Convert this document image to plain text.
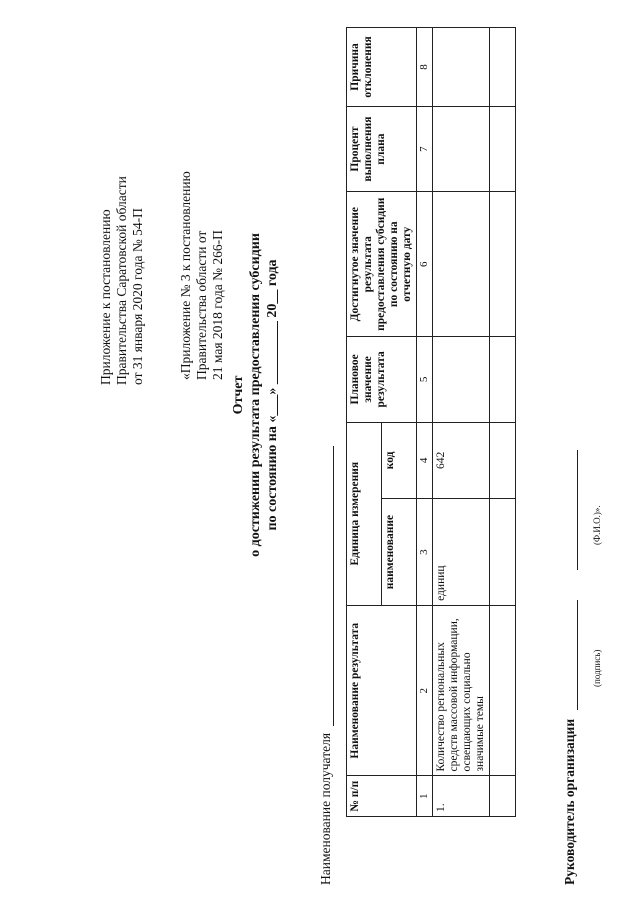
Приложение к постановлению Правительства Саратовской области от 31 января 2020 года № 54-П «Приложение № 3 к постановлению Правительства области от 21 мая 2018 года № 266-П
Отчет о достижении результата предоставления субсидии по состоянию на «___» _________ 20__ года
Наименование получателя № п/п	Наименование результата	Единица измерения		Плановое значение результата	Достигнутое значение результата предоставления субсидии по состоянию на отчетную дату	Процент выполнения плана	Причина отклонения
		наименование	код				
1	2	3	4	5	6	7	8
1.	Количество региональных средств массовой информации, освещающих социально значимые темы	единиц	642				

Руководитель организации
(подпись)
(Ф.И.О.)».
